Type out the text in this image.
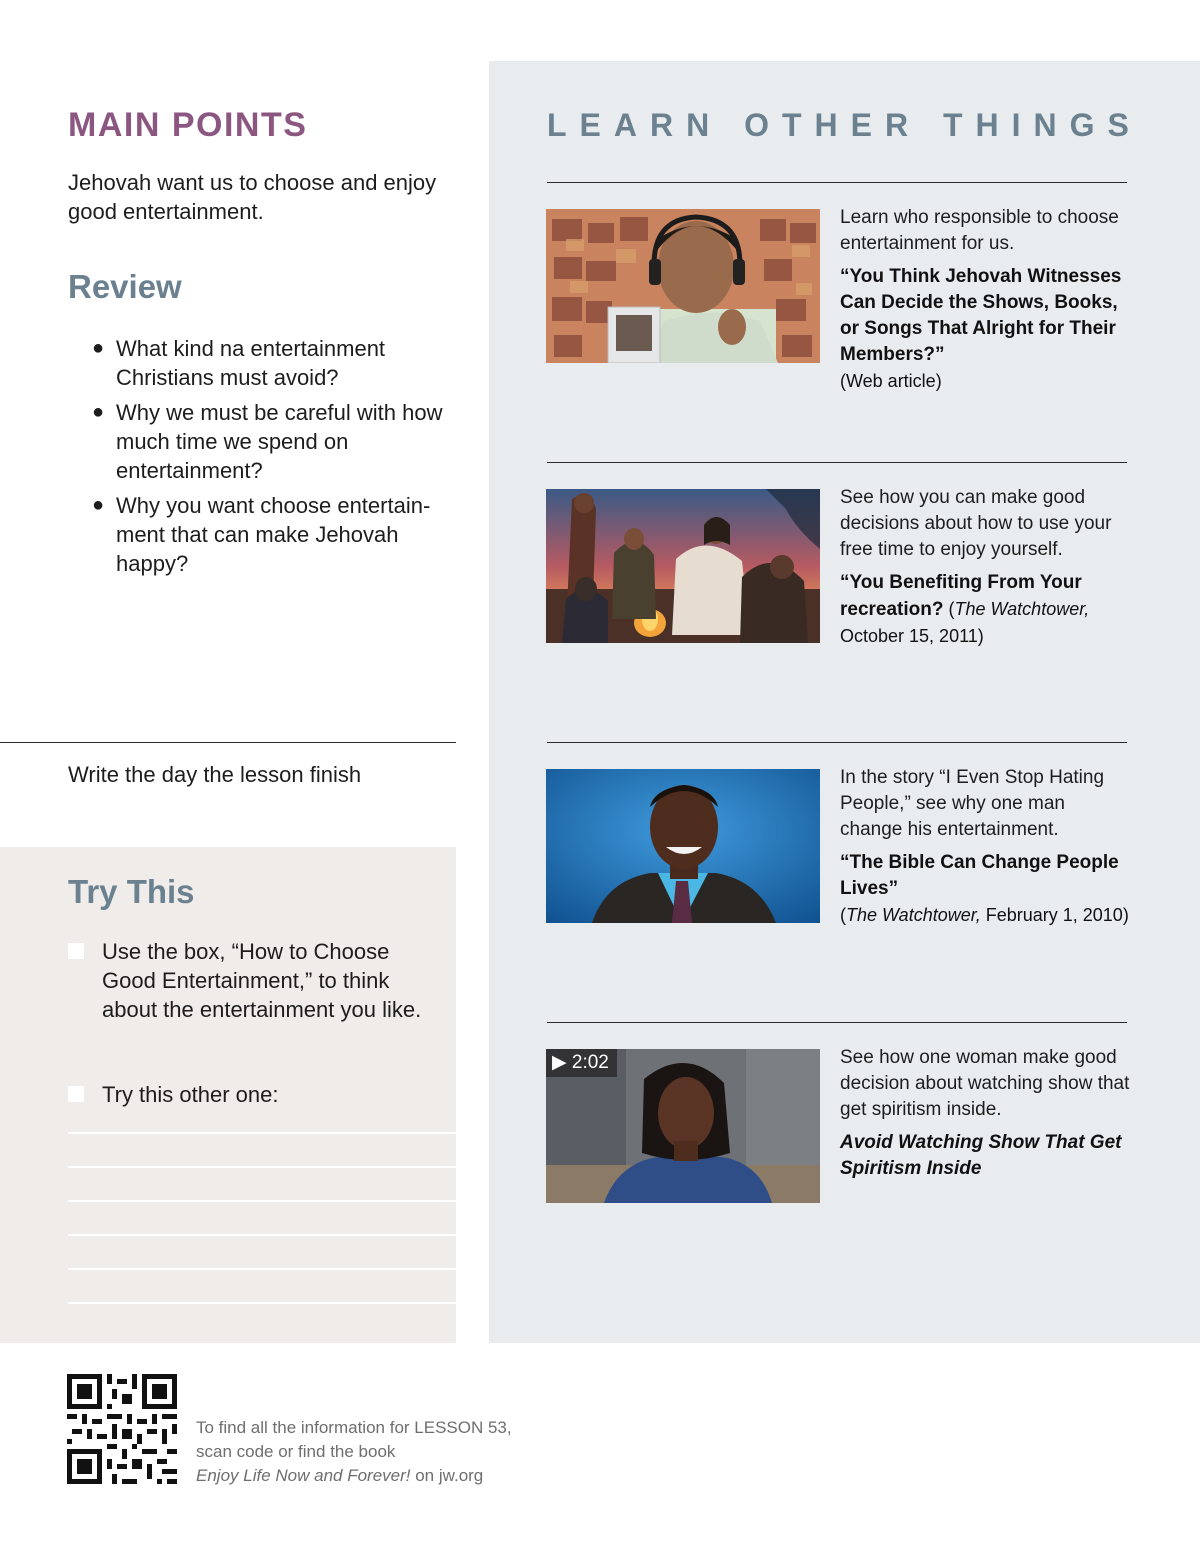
MAIN POINTS

Jehovah want us to choose and enjoy good entertainment.

Review
● What kind na entertainment Christians must avoid?
● Why we must be careful with how much time we spend on entertainment?
● Why you want choose entertain-ment that can make Jehovah happy?

Write the day the lesson finish

Try This
Use the box, “How to Choose Good Entertainment,” to think about the entertainment you like.
Try this other one:
LEARN OTHER THINGS

Learn who responsible to choose entertainment for us.

“You Think Jehovah Witnesses Can Decide the Shows, Books, or Songs That Alright for Their Members?”

(Web article)

See how you can make good decisions about how to use your free time to enjoy yourself.

“You Benefiting From Your recreation? (The Watchtower, October 15, 2011)

In the story “I Even Stop Hating People,” see why one man change his entertainment.

“The Bible Can Change People Lives”

(The Watchtower, February 1, 2010)

▶ 2:02	See how one woman make good decision about watching show that get spiritism inside.

Avoid Watching Show That Get Spiritism Inside

To find all the information for LESSON 53,
scan code or find the book
Enjoy Life Now and Forever! on jw.org
